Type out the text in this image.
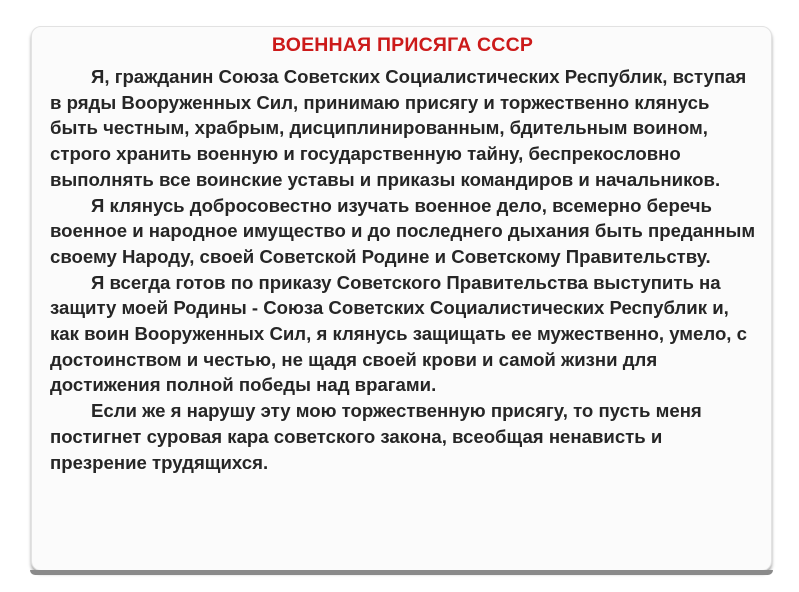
ВОЕННАЯ ПРИСЯГА СССР

Я, гражданин Союза Советских Социалистических Республик, вступая в ряды Вооруженных Сил, принимаю присягу и торжественно клянусь быть честным, храбрым, дисциплинированным, бдительным воином, строго хранить военную и государственную тайну, беспрекословно выполнять все воинские уставы и приказы командиров и начальников.

Я клянусь добросовестно изучать военное дело, всемерно беречь военное и народное имущество и до последнего дыхания быть преданным своему Народу, своей Советской Родине и Советскому Правительству.

Я всегда готов по приказу Советского Правительства выступить на защиту моей Родины - Союза Советских Социалистических Республик и, как воин Вооруженных Сил, я клянусь защищать ее мужественно, умело, с достоинством и честью, не щадя своей крови и самой жизни для достижения полной победы над врагами.

Если же я нарушу эту мою торжественную присягу, то пусть меня постигнет суровая кара советского закона, всеобщая ненависть и презрение трудящихся.
